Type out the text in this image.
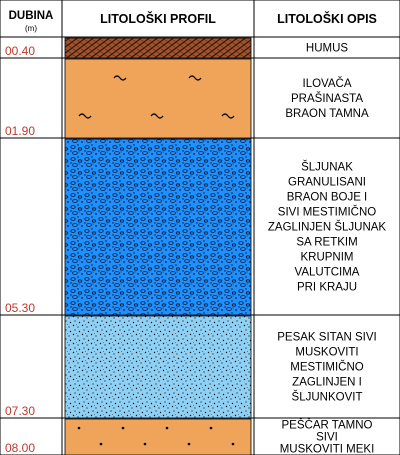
DUBINA
(m)
LITOLOŠKI PROFIL	LITOLOŠKI OPIS
00.40	HUMUS
01.90
ILOVAČA
PRAŠINASTA
BRAON TAMNA
05.30
ŠLJUNAK
GRANULISANI
BRAON BOJE I
SIVI MESTIMIČNO
ZAGLINJEN ŠLJUNAK
SA RETKIM
KRUPNIM
VALUTCIMA
PRI KRAJU
07.30
PESAK SITAN SIVI
MUSKOVITI
MESTIMIČNO
ZAGLINJEN I
ŠLJUNKOVIT
08.00
PEŠČAR TAMNO
SIVI
MUSKOVITI MEKI
